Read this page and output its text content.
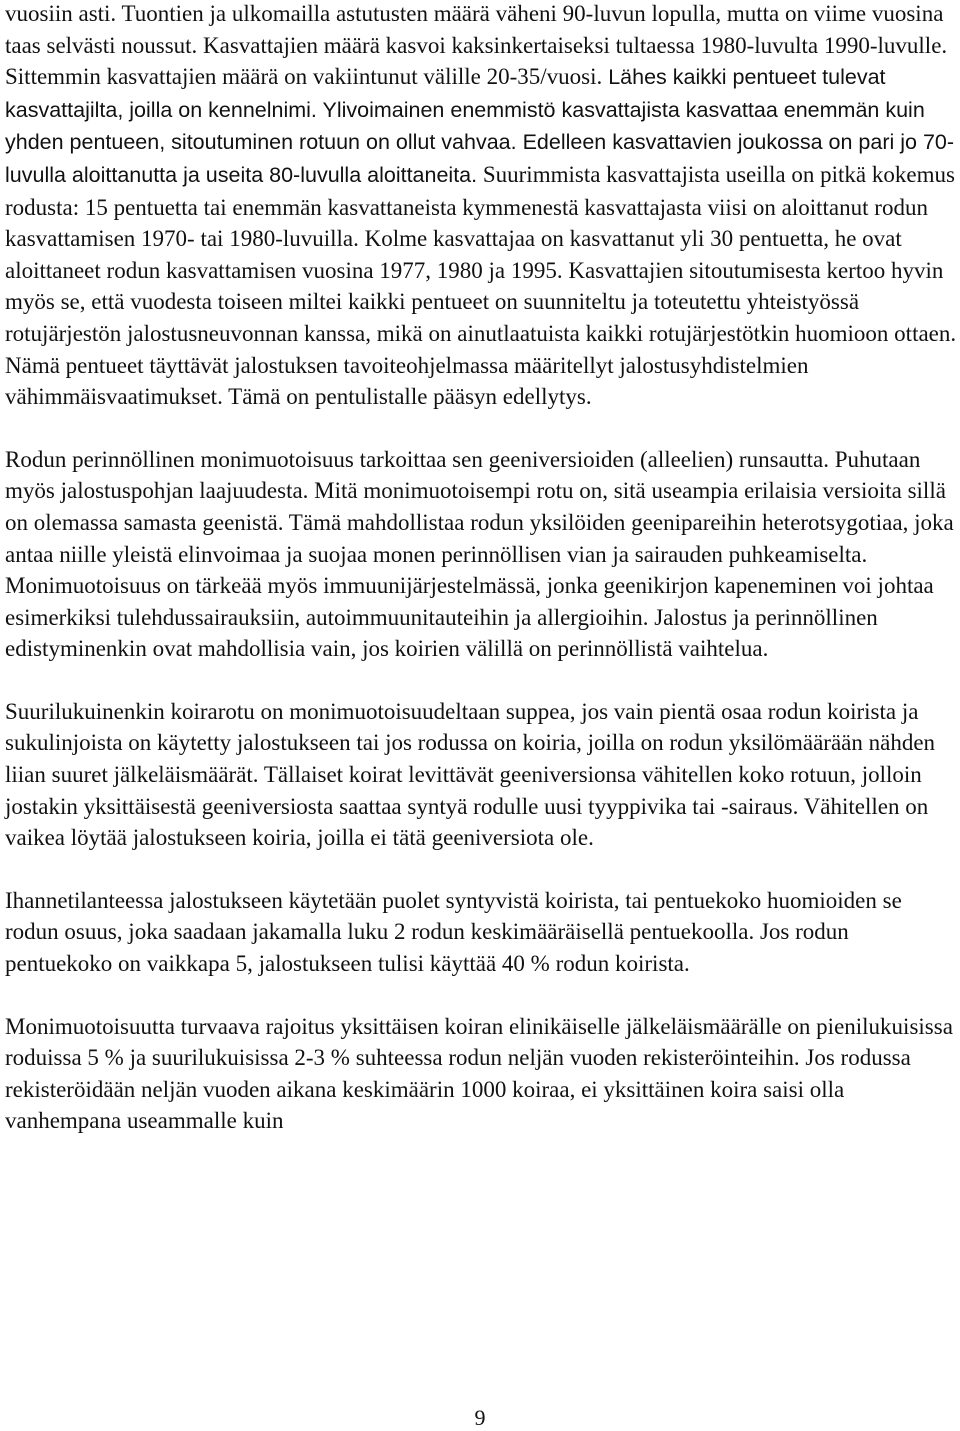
vuosiin asti. Tuontien ja ulkomailla astutusten määrä väheni 90-luvun lopulla, mutta on viime vuosina taas selvästi noussut. Kasvattajien määrä kasvoi kaksinkertaiseksi tultaessa 1980-luvulta 1990-luvulle. Sittemmin kasvattajien määrä on vakiintunut välille 20-35/vuosi. Lähes kaikki pentueet tulevat kasvattajilta, joilla on kennelnimi. Ylivoimainen enemmistö kasvattajista kasvattaa enemmän kuin yhden pentueen, sitoutuminen rotuun on ollut vahvaa. Edelleen kasvattavien joukossa on pari jo 70-luvulla aloittanutta ja useita 80-luvulla aloittaneita. Suurimmista kasvattajista useilla on pitkä kokemus rodusta: 15 pentuetta tai enemmän kasvattaneista kymmenestä kasvattajasta viisi on aloittanut rodun kasvattamisen 1970- tai 1980-luvuilla. Kolme kasvattajaa on kasvattanut yli 30 pentuetta, he ovat aloittaneet rodun kasvattamisen vuosina 1977, 1980 ja 1995. Kasvattajien sitoutumisesta kertoo hyvin myös se, että vuodesta toiseen miltei kaikki pentueet on suunniteltu ja toteutettu yhteistyössä rotujärjestön jalostusneuvonnan kanssa, mikä on ainutlaatuista kaikki rotujärjestötkin huomioon ottaen. Nämä pentueet täyttävät jalostuksen tavoiteohjelmassa määritellyt jalostusyhdistelmien vähimmäisvaatimukset. Tämä on pentulistalle pääsyn edellytys.

Rodun perinnöllinen monimuotoisuus tarkoittaa sen geeniversioiden (alleelien) runsautta. Puhutaan myös jalostuspohjan laajuudesta. Mitä monimuotoisempi rotu on, sitä useampia erilaisia versioita sillä on olemassa samasta geenistä. Tämä mahdollistaa rodun yksilöiden geenipareihin heterotsygotiaa, joka antaa niille yleistä elinvoimaa ja suojaa monen perinnöllisen vian ja sairauden puhkeamiselta. Monimuotoisuus on tärkeää myös immuunijärjestelmässä, jonka geenikirjon kapeneminen voi johtaa esimerkiksi tulehdussairauksiin, autoimmuunitauteihin ja allergioihin. Jalostus ja perinnöllinen edistyminenkin ovat mahdollisia vain, jos koirien välillä on perinnöllistä vaihtelua.

Suurilukuinenkin koirarotu on monimuotoisuudeltaan suppea, jos vain pientä osaa rodun koirista ja sukulinjoista on käytetty jalostukseen tai jos rodussa on koiria, joilla on rodun yksilömäärään nähden liian suuret jälkeläismäärät. Tällaiset koirat levittävät geeniversionsa vähitellen koko rotuun, jolloin jostakin yksittäisestä geeniversiosta saattaa syntyä rodulle uusi tyyppivika tai -sairaus. Vähitellen on vaikea löytää jalostukseen koiria, joilla ei tätä geeniversiota ole.

Ihannetilanteessa jalostukseen käytetään puolet syntyvistä koirista, tai pentuekoko huomioiden se rodun osuus, joka saadaan jakamalla luku 2 rodun keskimääräisellä pentuekoolla. Jos rodun pentuekoko on vaikkapa 5, jalostukseen tulisi käyttää 40 % rodun koirista.

Monimuotoisuutta turvaava rajoitus yksittäisen koiran elinikäiselle jälkeläismäärälle on pienilukuisissa roduissa 5 % ja suurilukuisissa 2-3 % suhteessa rodun neljän vuoden rekisteröinteihin. Jos rodussa rekisteröidään neljän vuoden aikana keskimäärin 1000 koiraa, ei yksittäinen koira saisi olla vanhempana useammalle kuin

9
